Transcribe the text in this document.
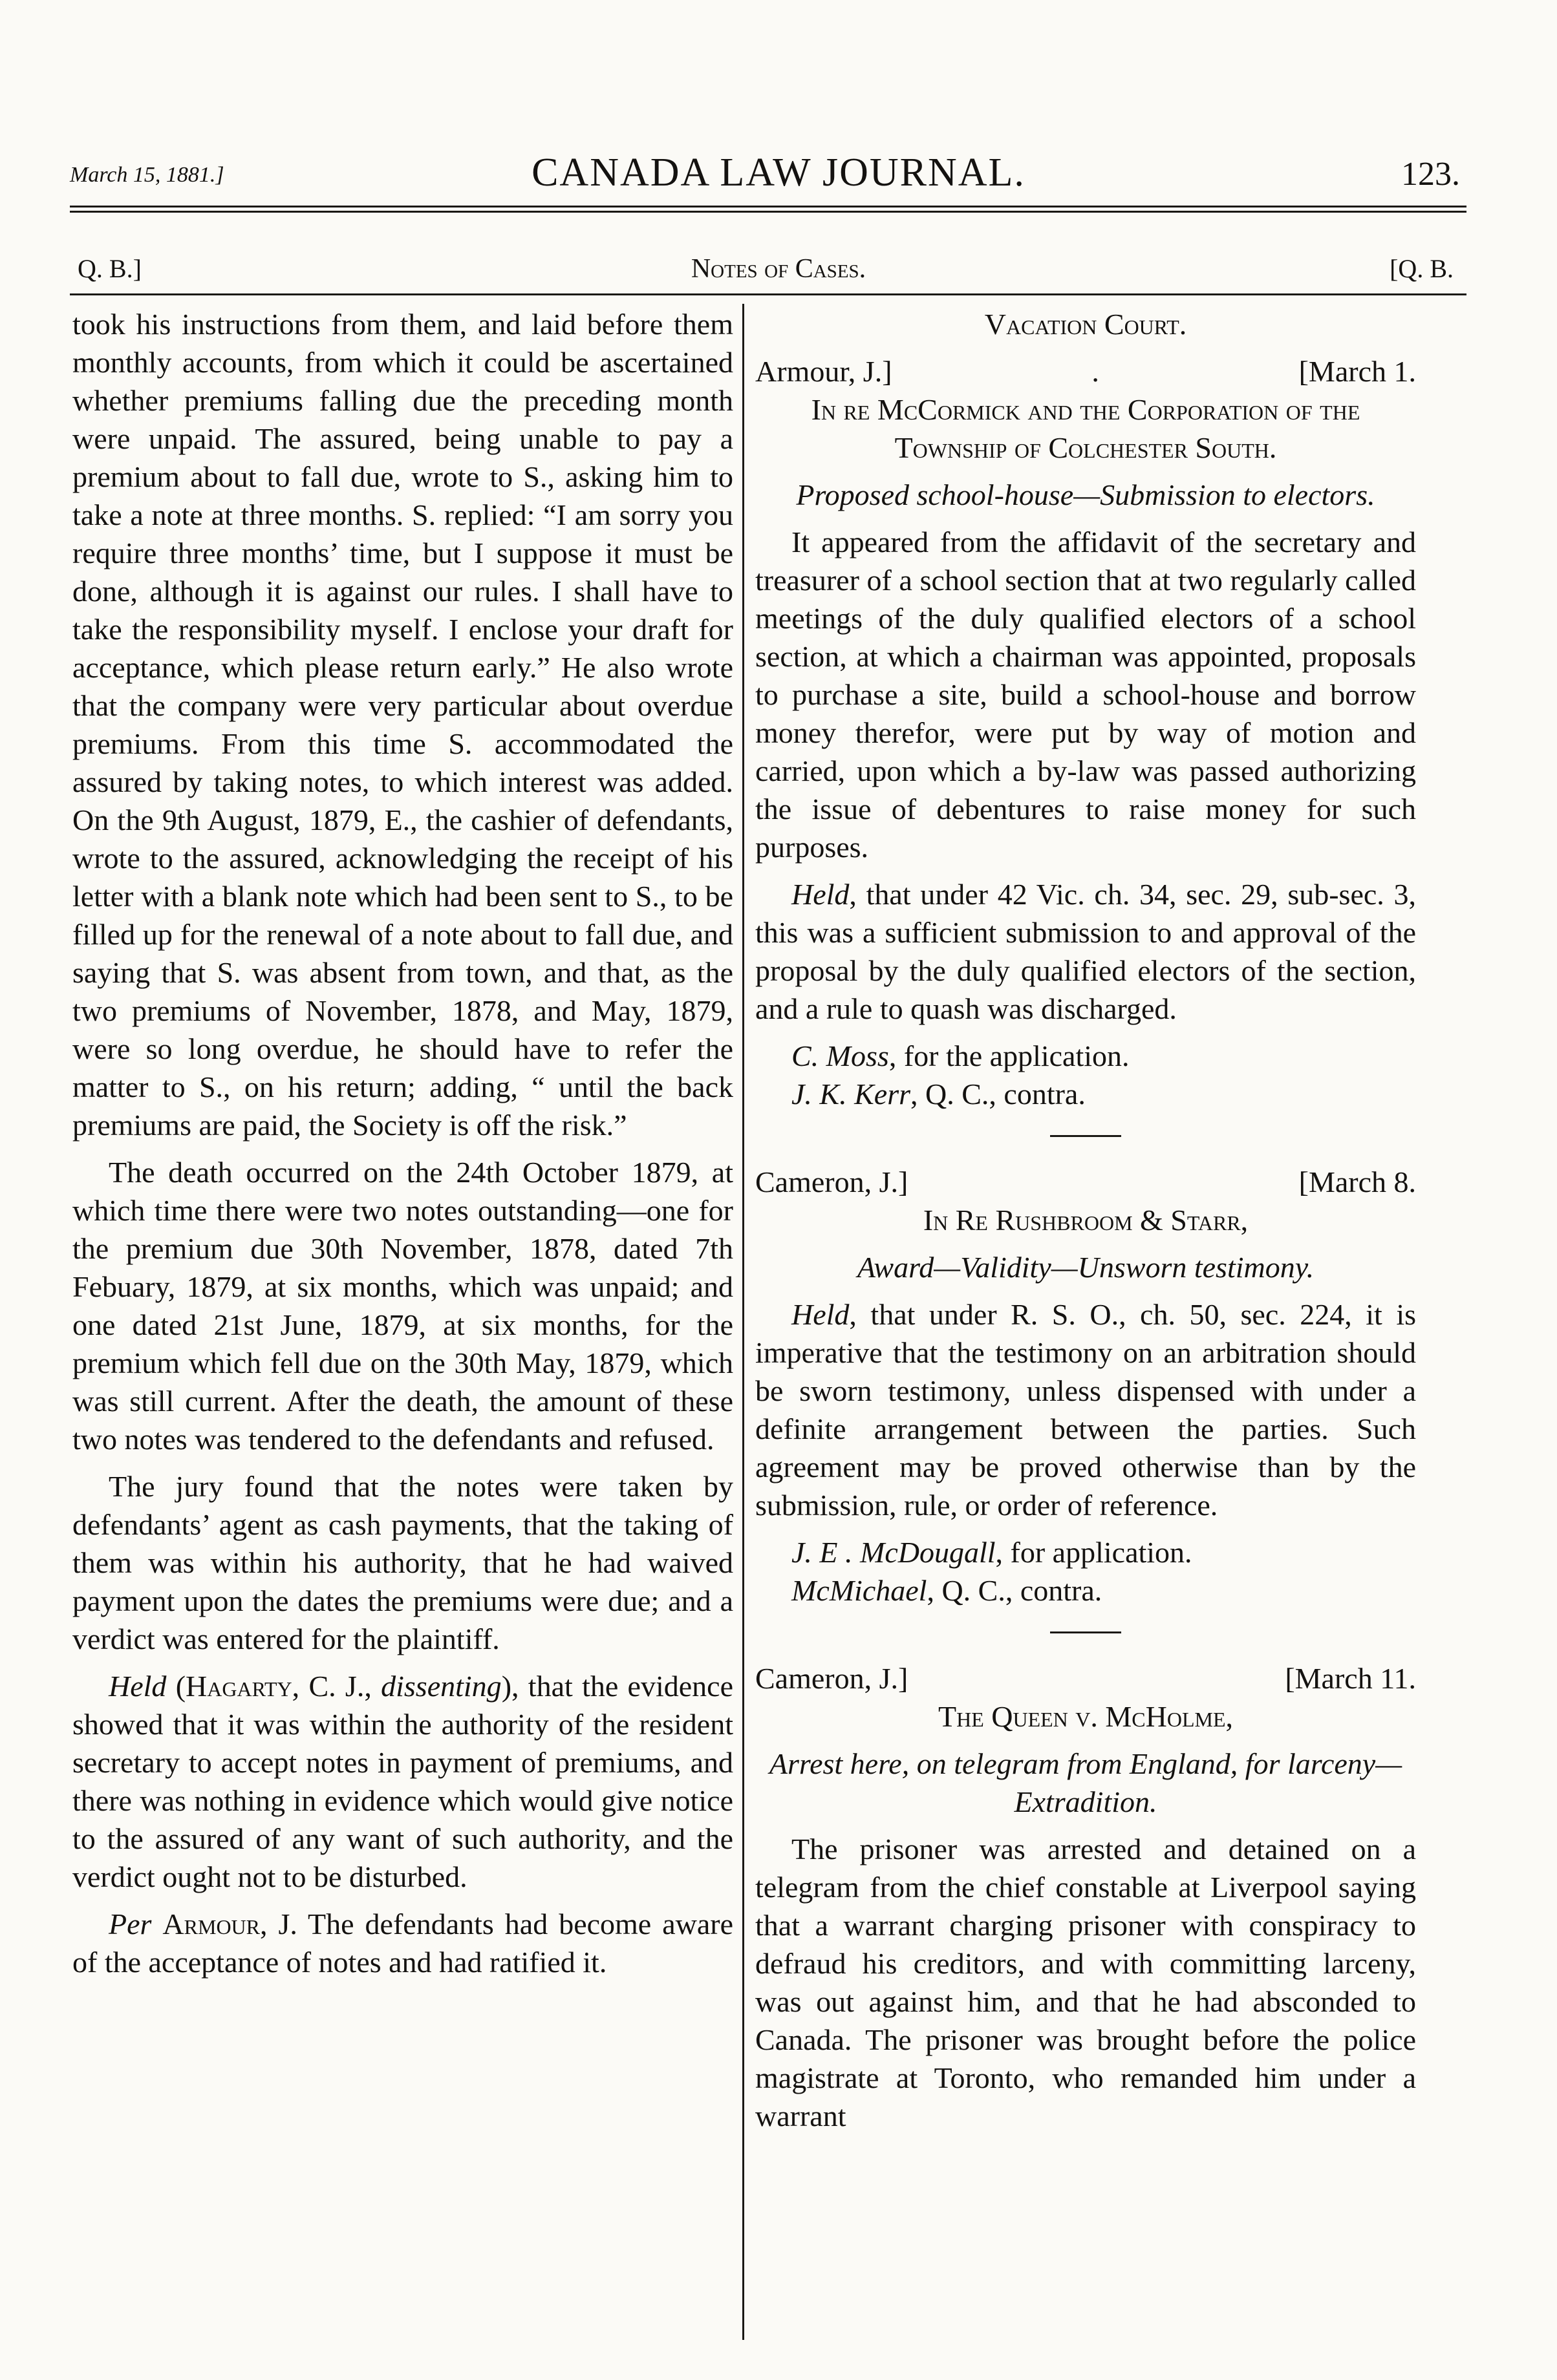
March 15, 1881.]	CANADA LAW JOURNAL.	123.
Q. B.]	Notes of Cases.	[Q. B.

took his instructions from them, and laid before them monthly accounts, from which it could be ascertained whether premiums falling due the preceding month were unpaid. The assured, being unable to pay a premium about to fall due, wrote to S., asking him to take a note at three months. S. replied: “I am sorry you require three months’ time, but I suppose it must be done, although it is against our rules. I shall have to take the responsibility myself. I enclose your draft for acceptance, which please return early.” He also wrote that the company were very particular about overdue premiums. From this time S. accommodated the assured by taking notes, to which interest was added. On the 9th August, 1879, E., the cashier of defendants, wrote to the assured, acknowledging the receipt of his letter with a blank note which had been sent to S., to be filled up for the renewal of a note about to fall due, and saying that S. was absent from town, and that, as the two premiums of November, 1878, and May, 1879, were so long overdue, he should have to refer the matter to S., on his return; adding, “ until the back premiums are paid, the Society is off the risk.”

The death occurred on the 24th October 1879, at which time there were two notes outstanding—one for the premium due 30th November, 1878, dated 7th Febuary, 1879, at six months, which was unpaid; and one dated 21st June, 1879, at six months, for the premium which fell due on the 30th May, 1879, which was still current. After the death, the amount of these two notes was tendered to the defendants and refused.

The jury found that the notes were taken by defendants’ agent as cash payments, that the taking of them was within his authority, that he had waived payment upon the dates the premiums were due; and a verdict was entered for the plaintiff.

Held (Hagarty, C. J., dissenting), that the evidence showed that it was within the authority of the resident secretary to accept notes in payment of premiums, and there was nothing in evidence which would give notice to the assured of any want of such authority, and the verdict ought not to be disturbed.

Per Armour, J. The defendants had become aware of the acceptance of notes and had ratified it.

Vacation Court.

Armour, J.]	.	[March 1.

In re McCormick and the Corporation of the Township of Colchester South.

Proposed school-house—Submission to electors.

It appeared from the affidavit of the secretary and treasurer of a school section that at two regularly called meetings of the duly qualified electors of a school section, at which a chairman was appointed, proposals to purchase a site, build a school-house and borrow money therefor, were put by way of motion and carried, upon which a by-law was passed authorizing the issue of debentures to raise money for such purposes.

Held, that under 42 Vic. ch. 34, sec. 29, sub-sec. 3, this was a sufficient submission to and approval of the proposal by the duly qualified electors of the section, and a rule to quash was discharged.

C. Moss, for the application.

J. K. Kerr, Q. C., contra.

Cameron, J.]	[March 8.

In Re Rushbroom & Starr,

Award—Validity—Unsworn testimony.

Held, that under R. S. O., ch. 50, sec. 224, it is imperative that the testimony on an arbitration should be sworn testimony, unless dispensed with under a definite arrangement between the parties. Such agreement may be proved otherwise than by the submission, rule, or order of reference.

J. E . McDougall, for application.

McMichael, Q. C., contra.

Cameron, J.]	[March 11.

The Queen v. McHolme,

Arrest here, on telegram from England, for larceny—Extradition.

The prisoner was arrested and detained on a telegram from the chief constable at Liverpool saying that a warrant charging prisoner with conspiracy to defraud his creditors, and with committing larceny, was out against him, and that he had absconded to Canada. The prisoner was brought before the police magistrate at Toronto, who remanded him under a warrant
